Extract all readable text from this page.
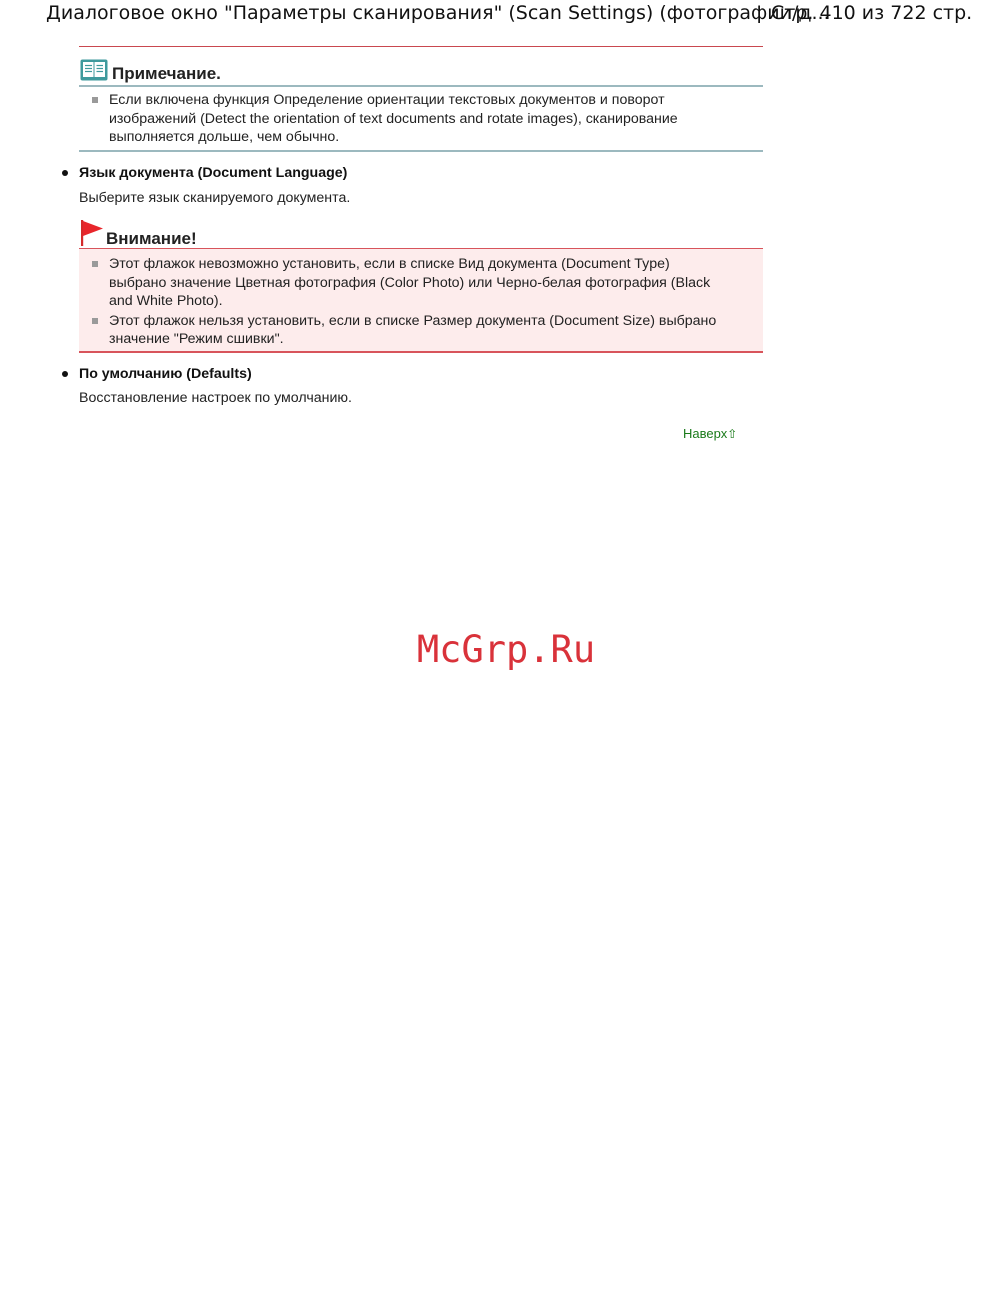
Диалоговое окно "Параметры сканирования" (Scan Settings) (фотографии/д...
Стр. 410 из 722 стр.
Примечание.
Если включена функция Определение ориентации текстовых документов и поворот
изображений (Detect the orientation of text documents and rotate images), сканирование
выполняется дольше, чем обычно.
Язык документа (Document Language)
Выберите язык сканируемого документа.
Внимание!
Этот флажок невозможно установить, если в списке Вид документа (Document Type)
выбрано значение Цветная фотография (Color Photo) или Черно-белая фотография (Black
and White Photo).
Этот флажок нельзя установить, если в списке Размер документа (Document Size) выбрано
значение "Режим сшивки".
По умолчанию (Defaults)
Восстановление настроек по умолчанию.
Наверх⇧
McGrp.Ru
